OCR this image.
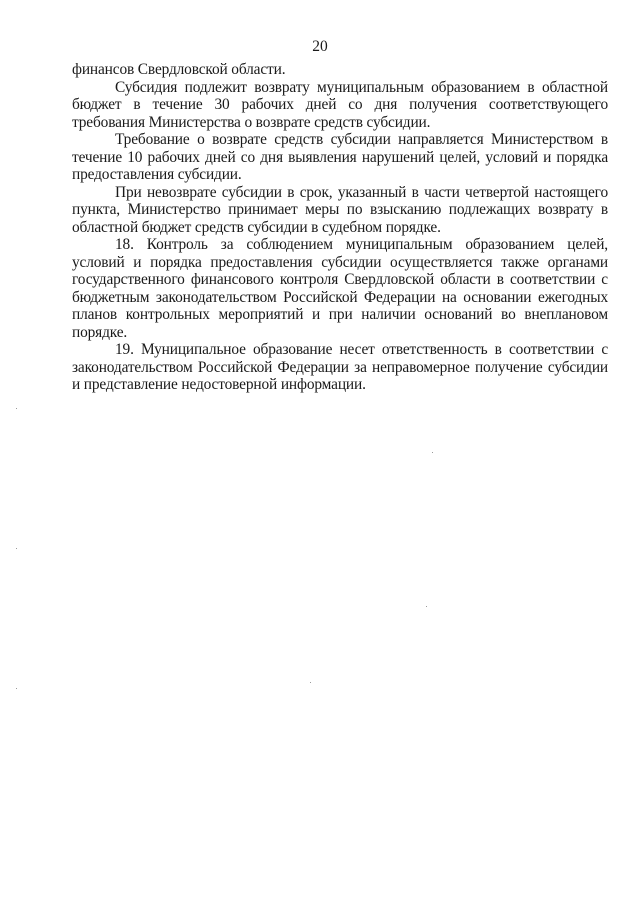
20

финансов Свердловской области.

Субсидия подлежит возврату муниципальным образованием в областной бюджет в течение 30 рабочих дней со дня получения соответствующего требования Министерства о возврате средств субсидии.

Требование о возврате средств субсидии направляется Министерством в течение 10 рабочих дней со дня выявления нарушений целей, условий и порядка предоставления субсидии.

При невозврате субсидии в срок, указанный в части четвертой настоящего пункта, Министерство принимает меры по взысканию подлежащих возврату в областной бюджет средств субсидии в судебном порядке.

18. Контроль за соблюдением муниципальным образованием целей, условий и порядка предоставления субсидии осуществляется также органами государственного финансового контроля Свердловской области в соответствии с бюджетным законодательством Российской Федерации на основании ежегодных планов контрольных мероприятий и при наличии оснований во внеплановом порядке.

19. Муниципальное образование несет ответственность в соответствии с законодательством Российской Федерации за неправомерное получение субсидии и представление недостоверной информации.
